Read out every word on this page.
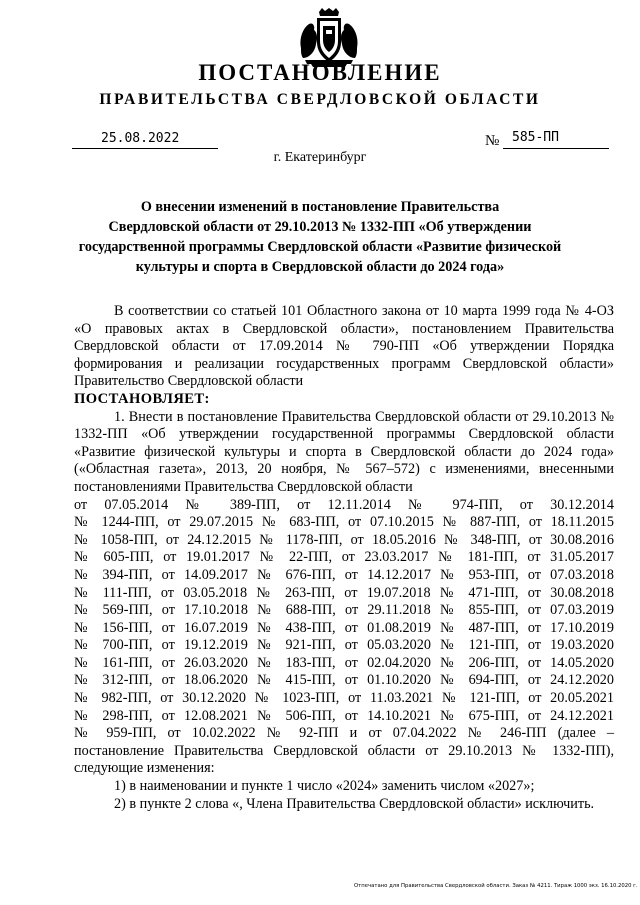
ПОСТАНОВЛЕНИЕ
ПРАВИТЕЛЬСТВА СВЕРДЛОВСКОЙ ОБЛАСТИ
25.08.2022	№ 585-ПП
г. Екатеринбург
О внесении изменений в постановление Правительства
Свердловской области от 29.10.2013 № 1332-ПП «Об утверждении
государственной программы Свердловской области «Развитие физической
культуры и спорта в Свердловской области до 2024 года»

В соответствии со статьей 101 Областного закона от 10 марта 1999 года № 4-ОЗ «О правовых актах в Свердловской области», постановлением Правительства Свердловской области от 17.09.2014 № 790-ПП «Об утверждении Порядка формирования и реализации государственных программ Свердловской области» Правительство Свердловской области

ПОСТАНОВЛЯЕТ:

1. Внести в постановление Правительства Свердловской области от 29.10.2013 № 1332-ПП «Об утверждении государственной программы Свердловской области «Развитие физической культуры и спорта в Свердловской области до 2024 года» («Областная газета», 2013, 20 ноября, № 567–572) с изменениями, внесенными постановлениями Правительства Свердловской области

от 07.05.2014 № 389-ПП, от 12.11.2014 № 974-ПП, от 30.12.2014

№ 1244-ПП, от 29.07.2015 № 683-ПП, от 07.10.2015 № 887-ПП, от 18.11.2015

№ 1058-ПП, от 24.12.2015 № 1178-ПП, от 18.05.2016 № 348-ПП, от 30.08.2016

№ 605-ПП, от 19.01.2017 № 22-ПП, от 23.03.2017 № 181-ПП, от 31.05.2017

№ 394-ПП, от 14.09.2017 № 676-ПП, от 14.12.2017 № 953-ПП, от 07.03.2018

№ 111-ПП, от 03.05.2018 № 263-ПП, от 19.07.2018 № 471-ПП, от 30.08.2018

№ 569-ПП, от 17.10.2018 № 688-ПП, от 29.11.2018 № 855-ПП, от 07.03.2019

№ 156-ПП, от 16.07.2019 № 438-ПП, от 01.08.2019 № 487-ПП, от 17.10.2019

№ 700-ПП, от 19.12.2019 № 921-ПП, от 05.03.2020 № 121-ПП, от 19.03.2020

№ 161-ПП, от 26.03.2020 № 183-ПП, от 02.04.2020 № 206-ПП, от 14.05.2020

№ 312-ПП, от 18.06.2020 № 415-ПП, от 01.10.2020 № 694-ПП, от 24.12.2020

№ 982-ПП, от 30.12.2020 № 1023-ПП, от 11.03.2021 № 121-ПП, от 20.05.2021

№ 298-ПП, от 12.08.2021 № 506-ПП, от 14.10.2021 № 675-ПП, от 24.12.2021

№ 959-ПП, от 10.02.2022 № 92-ПП и от 07.04.2022 № 246-ПП (далее –

постановление Правительства Свердловской области от 29.10.2013 № 1332-ПП), следующие изменения:

1) в наименовании и пункте 1 число «2024» заменить числом «2027»;

2) в пункте 2 слова «, Члена Правительства Свердловской области» исключить.

Отпечатано для Правительства Свердловской области. Заказ № 4211. Тираж 1000 экз. 16.10.2020 г.
